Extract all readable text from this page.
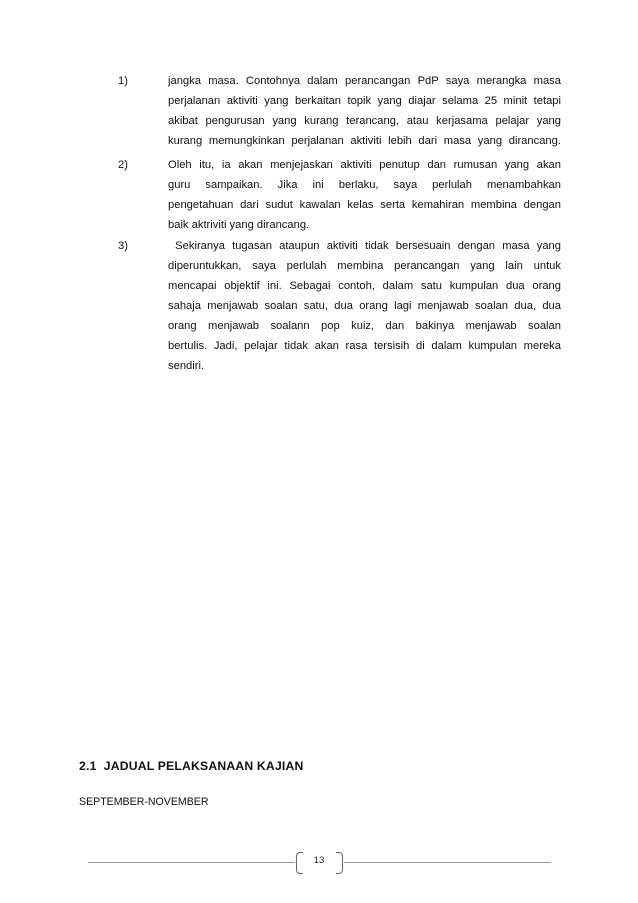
1)	jangka masa. Contohnya dalam perancangan PdP saya merangka masa
perjalanan aktiviti yang berkaitan topik yang diajar selama 25 minit tetapi
akibat pengurusan yang kurang terancang, atau kerjasama pelajar yang
kurang memungkinkan perjalanan aktiviti lebih dari masa yang dirancang.
2)	Oleh itu, ia akan menjejaskan aktiviti penutup dan rumusan yang akan
guru sampaikan. Jika ini berlaku, saya perlulah menambahkan
pengetahuan dari sudut kawalan kelas serta kemahiran membina dengan
baik aktriviti yang dirancang.
3)	Sekiranya tugasan ataupun aktiviti tidak bersesuain dengan masa yang
diperuntukkan, saya perlulah membina perancangan yang lain untuk
mencapai objektif ini. Sebagai contoh, dalam satu kumpulan dua orang
sahaja menjawab soalan satu, dua orang lagi menjawab soalan dua, dua
orang menjawab soalann pop kuiz, dan bakinya menjawab soalan
bertulis. Jadi, pelajar tidak akan rasa tersisih di dalam kumpulan mereka
sendiri.
2.1  JADUAL PELAKSANAAN KAJIAN
SEPTEMBER-NOVEMBER
13
